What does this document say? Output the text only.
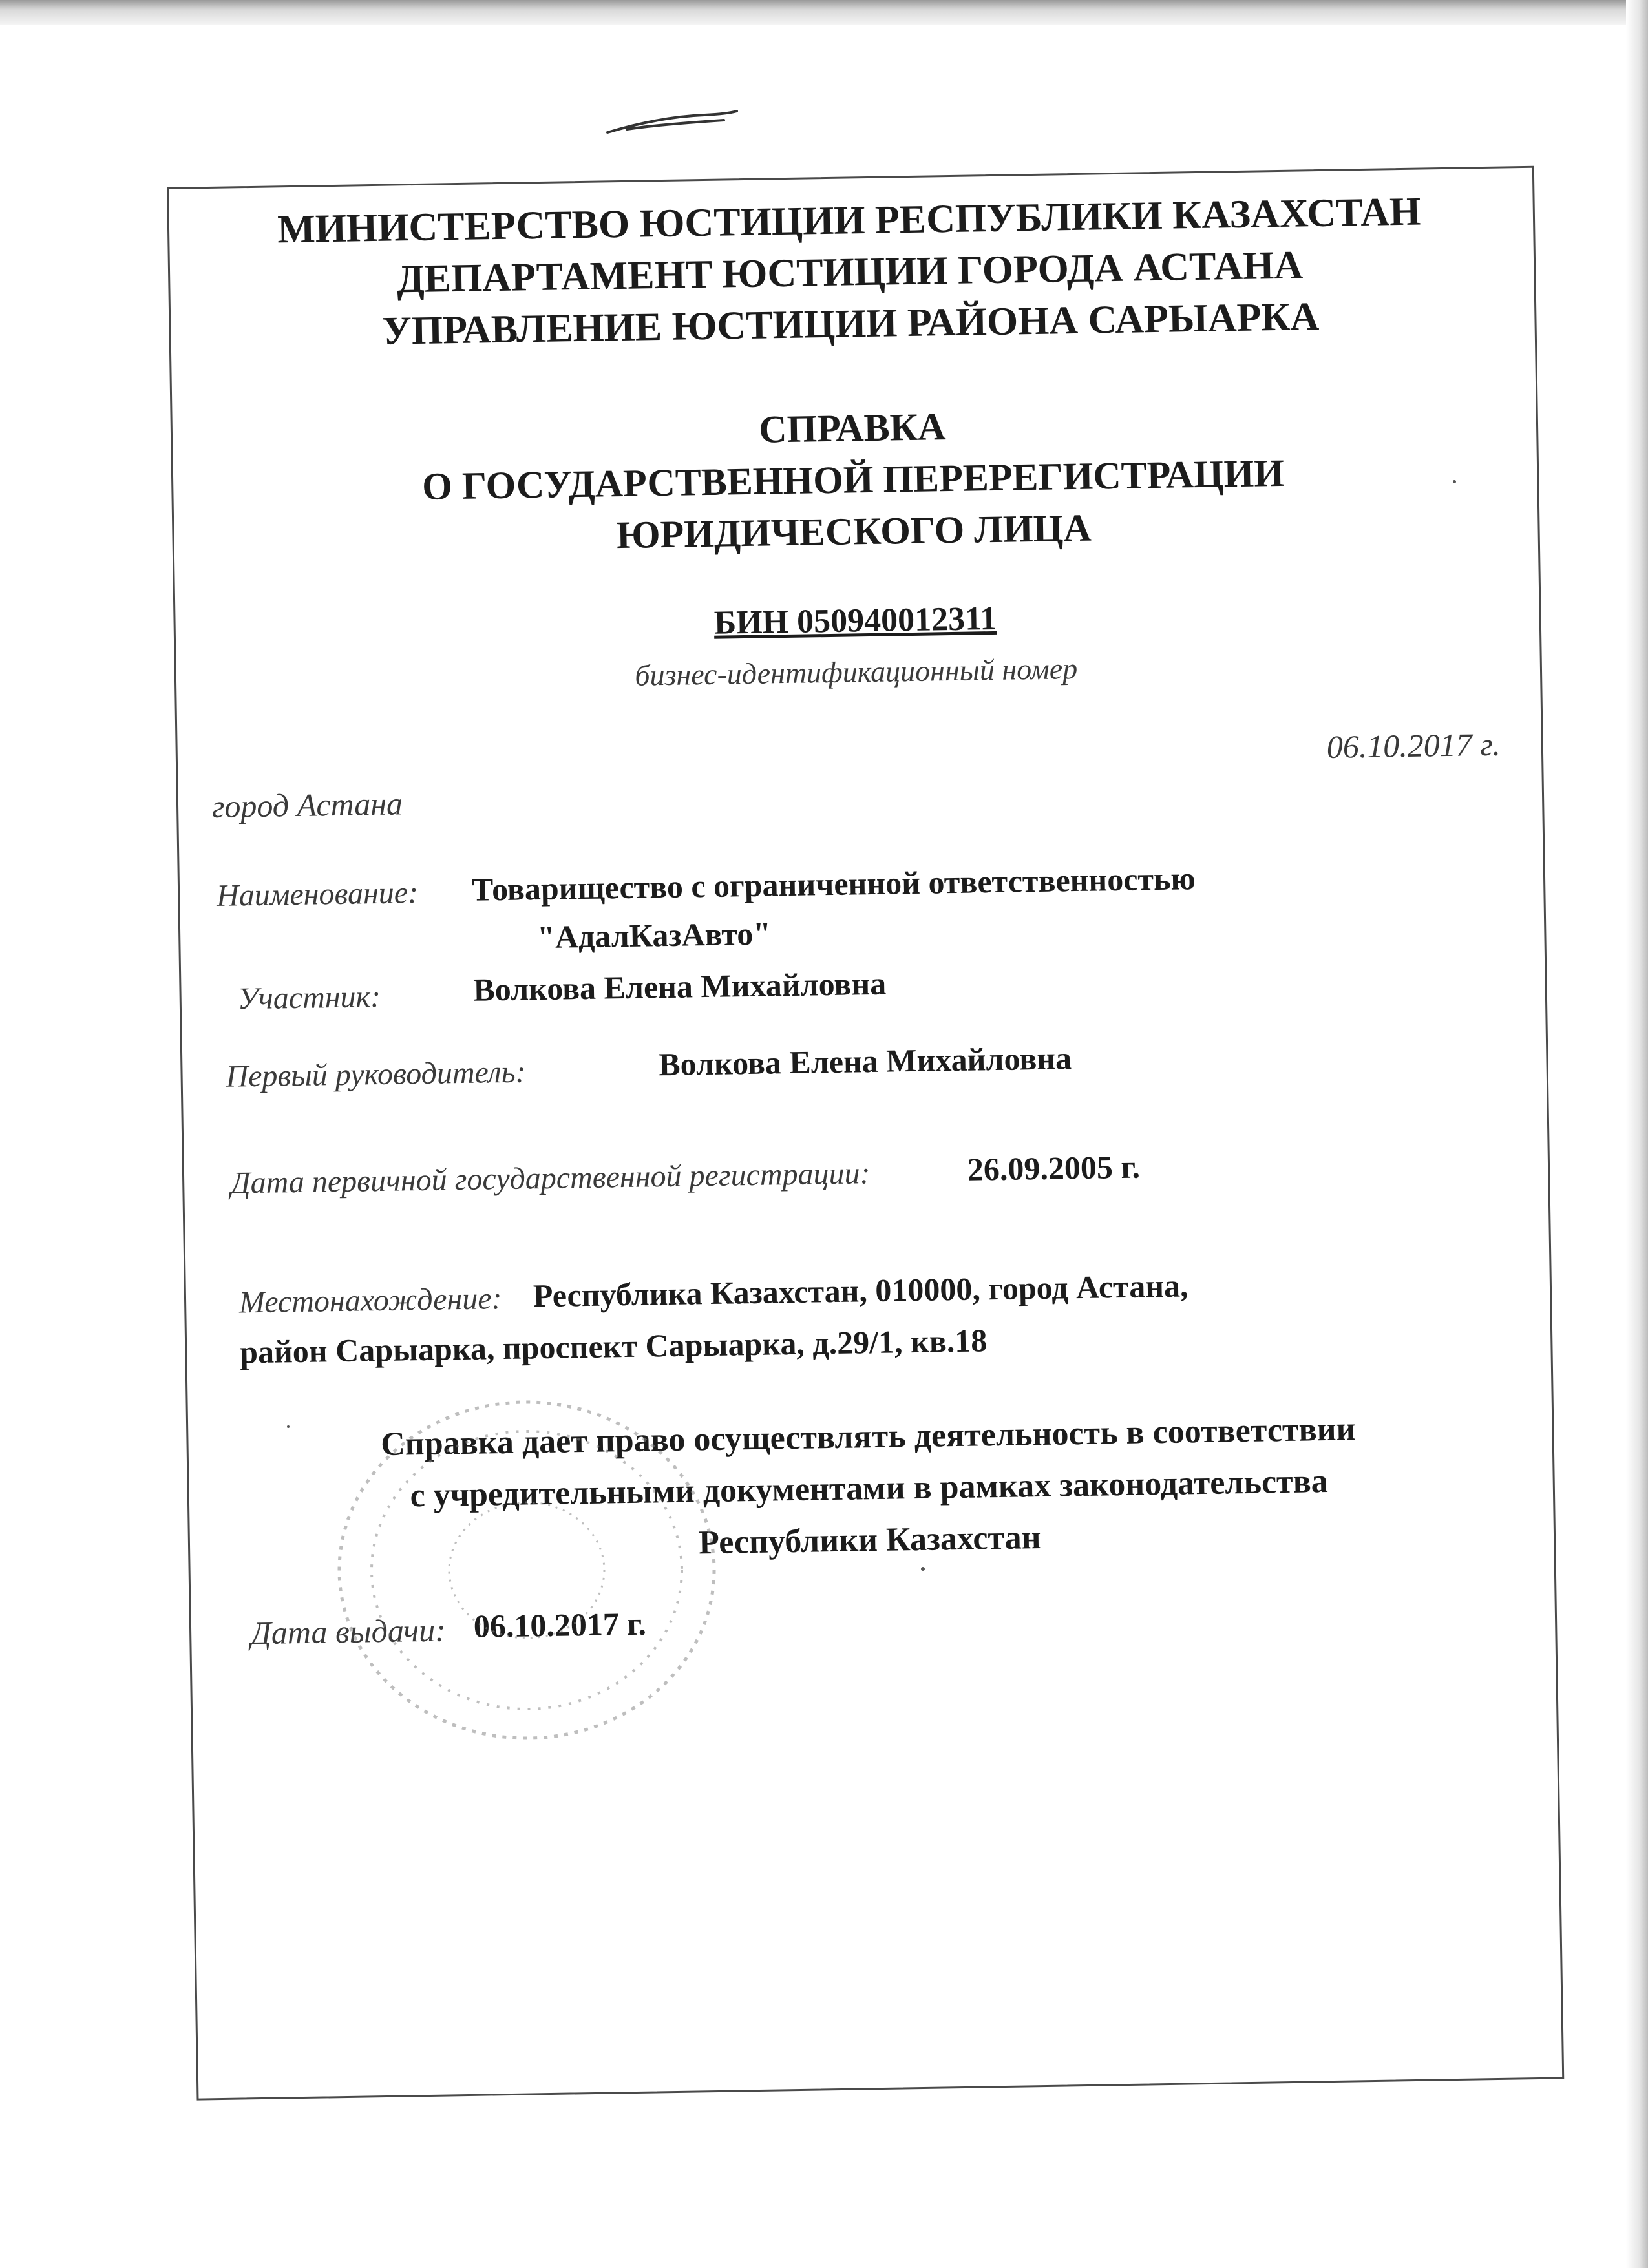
МИНИСТЕРСТВО ЮСТИЦИИ РЕСПУБЛИКИ КАЗАХСТАН
ДЕПАРТАМЕНТ ЮСТИЦИИ ГОРОДА АСТАНА
УПРАВЛЕНИЕ ЮСТИЦИИ РАЙОНА САРЫАРКА
СПРАВКА
О ГОСУДАРСТВЕННОЙ ПЕРЕРЕГИСТРАЦИИ
ЮРИДИЧЕСКОГО ЛИЦА
БИН 050940012311
бизнес-идентификационный номер
06.10.2017 г.
город Астана
Наименование: Товарищество с ограниченной ответственностью
"АдалКазАвто"
Участник:	Волкова Елена Михайловна
Первый руководитель:	Волкова Елена Михайловна
Дата первичной государственной регистрации:	26.09.2005 г.
Местонахождение: Республика Казахстан, 010000, город Астана,
район Сарыарка, проспект Сарыарка, д.29/1, кв.18
Справка дает право осуществлять деятельность в соответствии
с учредительными документами в рамках законодательства
Республики Казахстан
Дата выдачи: 06.10.2017 г.
